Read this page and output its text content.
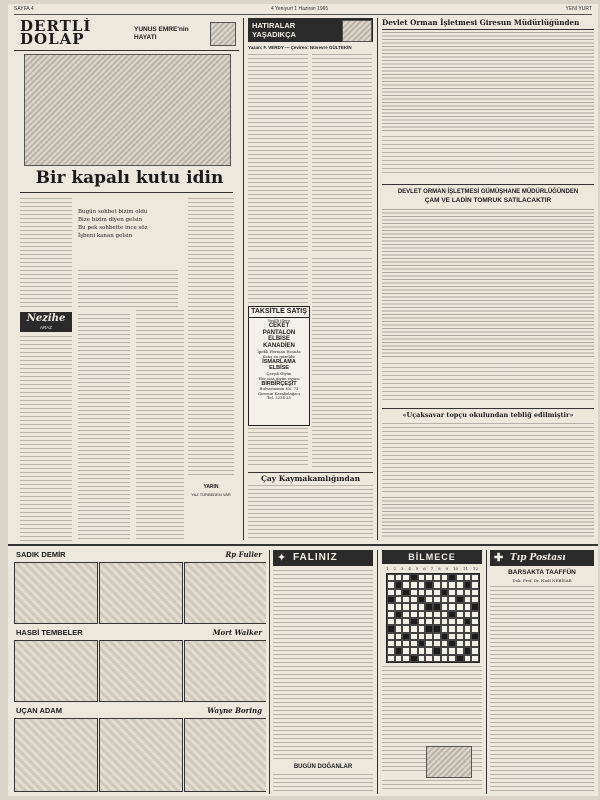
SAYFA 4	4 Yeniyurt 1 Haziran 1965	YENİ YURT
DERTLİ DOLAP
YUNUS EMRE'nin HAYATI
Bir kapalı kutu idin
Bugün sohbet bizim oldu
Bize bizim diyen gelsin
Bu pek sohbette ince söz
İşbeni kanan gelsin
Nezihe
ARAZ
YARIN
YAZ TÜRBEDEN VAR
HATIRALAR YAŞADIKÇA
Yazan: F. VERDY — Çeviren: Nüvevre GÜLTEKİN
TAKSİTLE SATIŞ
Yeşilli illere
CEKET
PANTALON
ELBİSE
KANADİEN
İpekli Herman Hosnâz
Satış en güzeldir
İSMARLAMA
ELBİSE
Çarşıb Giyim
Her cins giyim eşyası
BİRBİRÇEŞİT
Bulvarmanın No. 73
Giresun Karakolağacı
Tel. 2234 25
Çay Kaymakamlığından
Devlet Orman İşletmesi Giresun Müdürlüğünden
DEVLET ORMAN İŞLETMESİ GÜMÜŞHANE MÜDÜRLÜĞÜNDEN
ÇAM VE LADİN TOMRUK SATILACAKTIR
«Uçaksavar topçu okulundan tebliğ edilmiştir»
SADIK DEMİR	Rp Fuller
HASBİ TEMBELER	Mort Walker
UÇAN ADAM	Wayne Boring
✦ FALINIZ
BUGÜN DOĞANLAR
BİLMECE
1 2 3 4 5 6 7 8 9 10 11 12
✚ Tıp Postası
BARSAKTA TAAFFÜN
Dok. Prof. Dr. Nadi NEBİSAR
